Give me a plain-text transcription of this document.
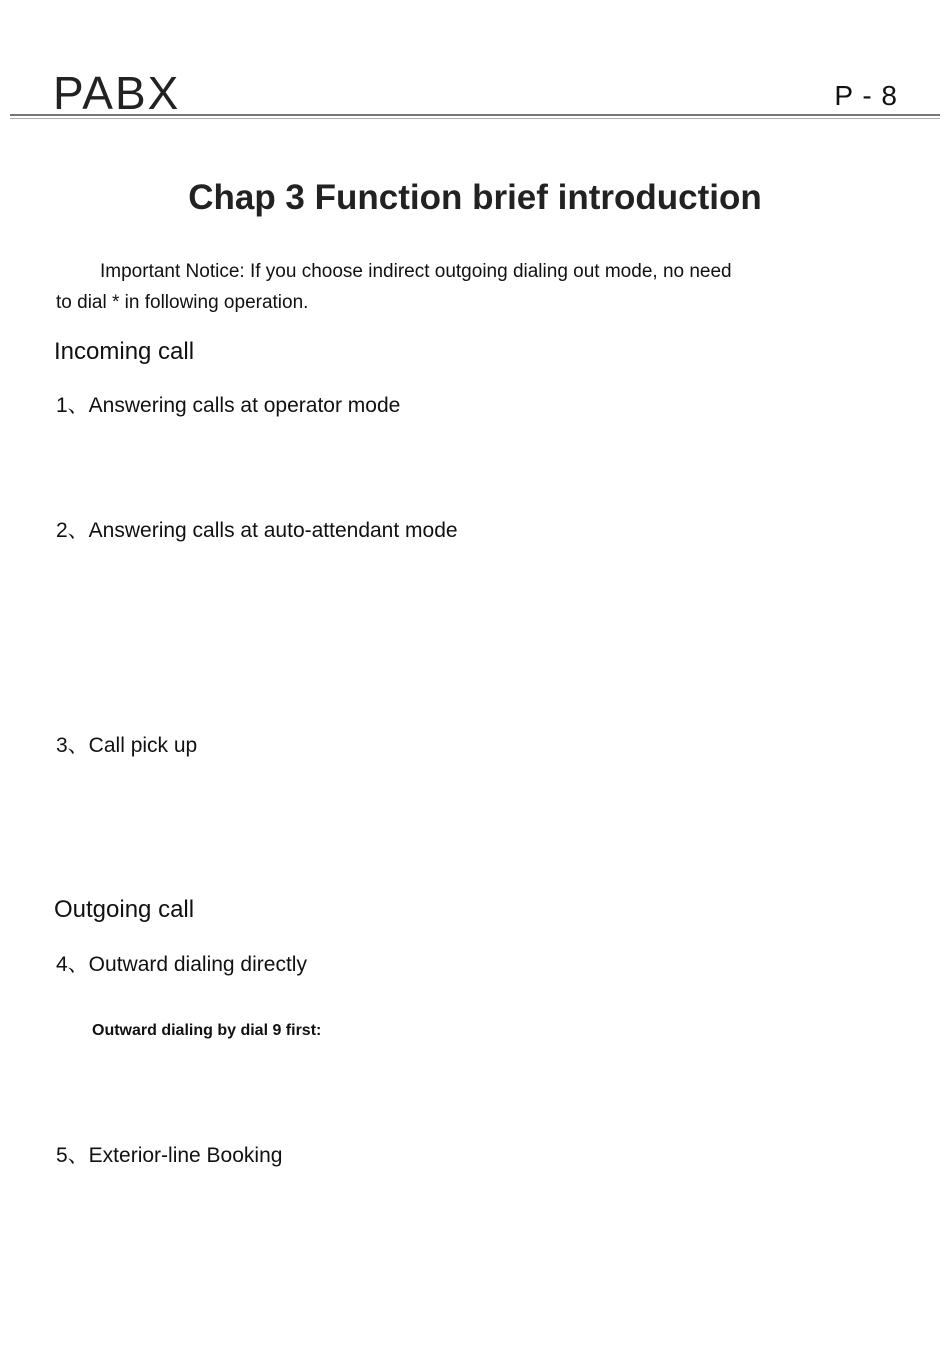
PABX	P - 8
Chap 3 Function brief introduction
Important Notice: If you choose indirect outgoing dialing out mode, no need
to dial * in following operation.
Incoming call
1、Answering calls at operator mode
2、Answering calls at auto-attendant mode
3、Call pick up
Outgoing call
4、Outward dialing directly
Outward dialing by dial 9 first:
5、Exterior-line Booking
